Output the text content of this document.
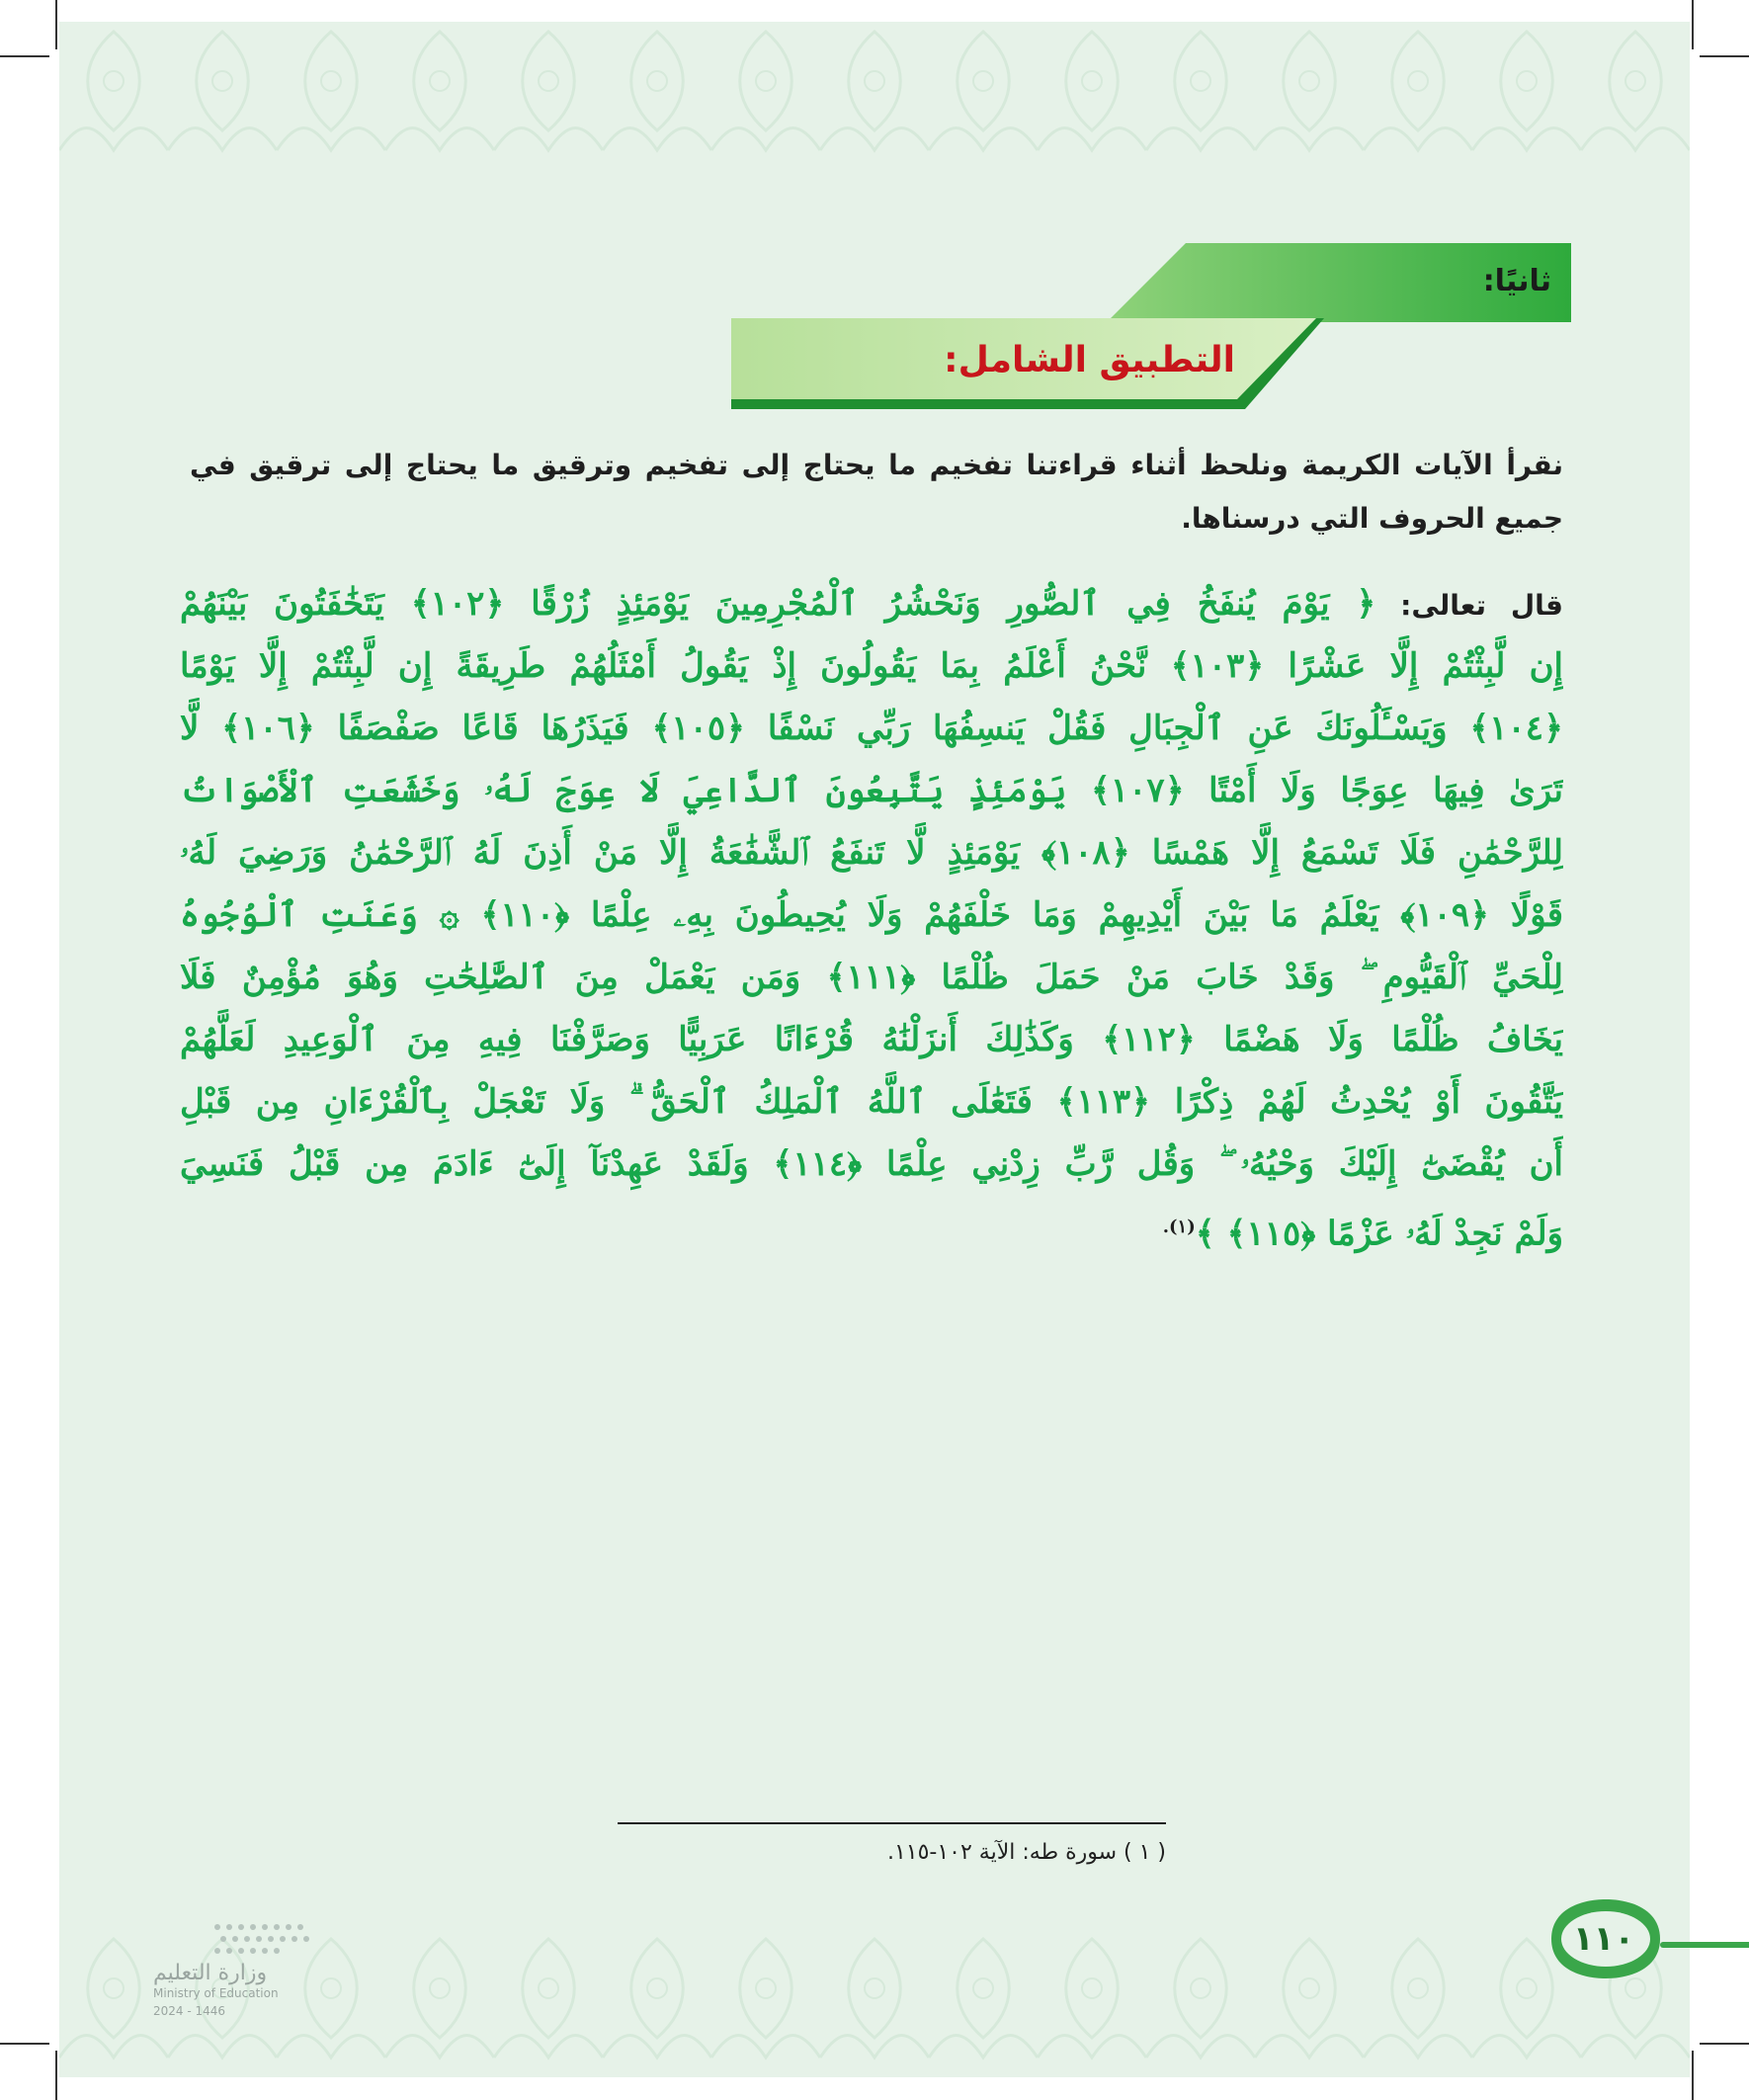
ثانيًا:
التطبيق الشامل:
نقرأ الآيات الكريمة ونلحظ أثناء قراءتنا تفخيم ما يحتاج إلى تفخيم وترقيق ما يحتاج إلى ترقيق في جميع الحروف التي درسناها.
قال تعالى: ﴿ يَوْمَ يُنفَخُ فِي ٱلصُّورِ وَنَحْشُرُ ٱلْمُجْرِمِينَ يَوْمَئِذٍ زُرْقًا ﴿١٠٢﴾ يَتَخَٰفَتُونَ بَيْنَهُمْ
إِن لَّبِثْتُمْ إِلَّا عَشْرًا ﴿١٠٣﴾ نَّحْنُ أَعْلَمُ بِمَا يَقُولُونَ إِذْ يَقُولُ أَمْثَلُهُمْ طَرِيقَةً إِن لَّبِثْتُمْ إِلَّا يَوْمًا
﴿١٠٤﴾ وَيَسْـَٔلُونَكَ عَنِ ٱلْجِبَالِ فَقُلْ يَنسِفُهَا رَبِّي نَسْفًا ﴿١٠٥﴾ فَيَذَرُهَا قَاعًا صَفْصَفًا ﴿١٠٦﴾ لَّا
تَرَىٰ فِيهَا عِوَجًا وَلَا أَمْتًا ﴿١٠٧﴾ يَوْمَئِذٍ يَتَّبِعُونَ ٱلدَّاعِيَ لَا عِوَجَ لَهُۥ وَخَشَعَتِ ٱلْأَصْوَاتُ
لِلرَّحْمَٰنِ فَلَا تَسْمَعُ إِلَّا هَمْسًا ﴿١٠٨﴾ يَوْمَئِذٍ لَّا تَنفَعُ ٱلشَّفَٰعَةُ إِلَّا مَنْ أَذِنَ لَهُ ٱلرَّحْمَٰنُ وَرَضِيَ لَهُۥ
قَوْلًا ﴿١٠٩﴾ يَعْلَمُ مَا بَيْنَ أَيْدِيهِمْ وَمَا خَلْفَهُمْ وَلَا يُحِيطُونَ بِهِۦ عِلْمًا ﴿١١٠﴾ ۞ وَعَنَتِ ٱلْوُجُوهُ
لِلْحَيِّ ٱلْقَيُّومِ ۖ وَقَدْ خَابَ مَنْ حَمَلَ ظُلْمًا ﴿١١١﴾ وَمَن يَعْمَلْ مِنَ ٱلصَّٰلِحَٰتِ وَهُوَ مُؤْمِنٌ فَلَا
يَخَافُ ظُلْمًا وَلَا هَضْمًا ﴿١١٢﴾ وَكَذَٰلِكَ أَنزَلْنَٰهُ قُرْءَانًا عَرَبِيًّا وَصَرَّفْنَا فِيهِ مِنَ ٱلْوَعِيدِ لَعَلَّهُمْ
يَتَّقُونَ أَوْ يُحْدِثُ لَهُمْ ذِكْرًا ﴿١١٣﴾ فَتَعَٰلَى ٱللَّهُ ٱلْمَلِكُ ٱلْحَقُّ ۗ وَلَا تَعْجَلْ بِٱلْقُرْءَانِ مِن قَبْلِ
أَن يُقْضَىٰٓ إِلَيْكَ وَحْيُهُۥ ۖ وَقُل رَّبِّ زِدْنِي عِلْمًا ﴿١١٤﴾ وَلَقَدْ عَهِدْنَآ إِلَىٰٓ ءَادَمَ مِن قَبْلُ فَنَسِيَ
وَلَمْ نَجِدْ لَهُۥ عَزْمًا ﴿١١٥﴾ ﴾$^{(١).}$
( ١ ) سورة طه: الآية ١٠٢-١١٥.
١١٠
وزارة التعليم
Ministry of Education
2024 - 1446
